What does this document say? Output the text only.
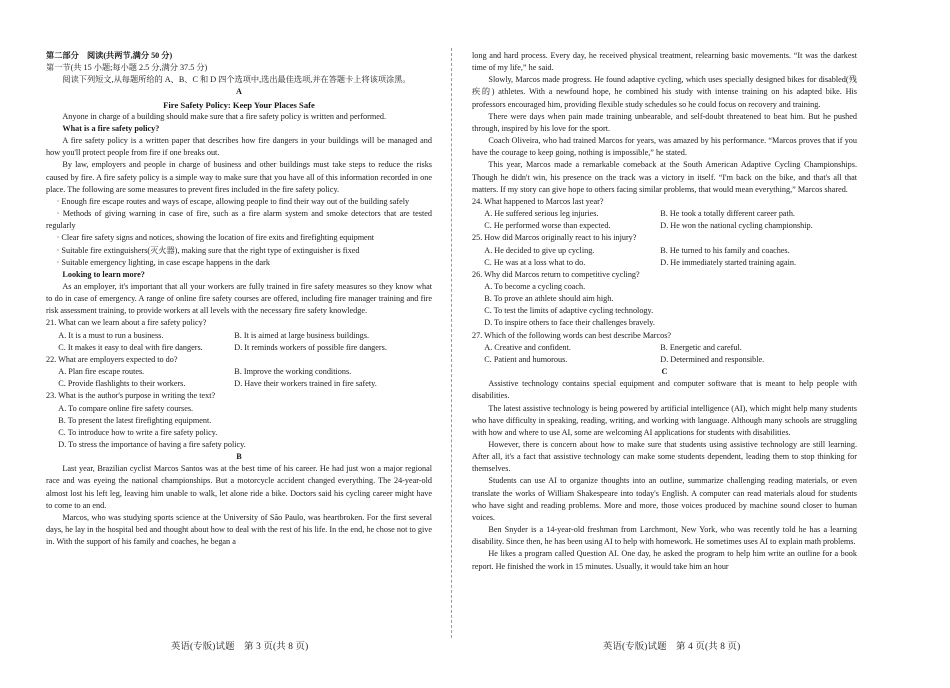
第二部分　阅读(共两节,满分 50 分)

第一节(共 15 小题;每小题 2.5 分,满分 37.5 分)

阅读下列短文,从每题所给的 A、B、C 和 D 四个选项中,选出最佳选项,并在答题卡上将该项涂黑。

A

Fire Safety Policy: Keep Your Places Safe

Anyone in charge of a building should make sure that a fire safety policy is written and performed.

What is a fire safety policy?

A fire safety policy is a written paper that describes how fire dangers in your buildings will be managed and how you'll protect people from fire if one breaks out.

By law, employers and people in charge of business and other buildings must take steps to reduce the risks caused by fire. A fire safety policy is a simple way to make sure that you have all of this information recorded in one place. The following are some measures to prevent fires included in the fire safety policy.

· Enough fire escape routes and ways of escape, allowing people to find their way out of the building safely

· Methods of giving warning in case of fire, such as a fire alarm system and smoke detectors that are tested regularly

· Clear fire safety signs and notices, showing the location of fire exits and firefighting equipment

· Suitable fire extinguishers(灭火器), making sure that the right type of extinguisher is fixed

· Suitable emergency lighting, in case escape happens in the dark

Looking to learn more?

As an employer, it's important that all your workers are fully trained in fire safety measures so they know what to do in case of emergency. A range of online fire safety courses are offered, including fire manager training and fire risk assessment training, to provide workers at all levels with the necessary fire safety knowledge.

21. What can we learn about a fire safety policy?

A. It is a must to run a business.	B. It is aimed at large business buildings.
C. It makes it easy to deal with fire dangers.	D. It reminds workers of possible fire dangers.

22. What are employers expected to do?

A. Plan fire escape routes.	B. Improve the working conditions.
C. Provide flashlights to their workers.	D. Have their workers trained in fire safety.

23. What is the author's purpose in writing the text?

A. To compare online fire safety courses.

B. To present the latest firefighting equipment.

C. To introduce how to write a fire safety policy.

D. To stress the importance of having a fire safety policy.

B

Last year, Brazilian cyclist Marcos Santos was at the best time of his career. He had just won a major regional race and was eyeing the national championships. But a motorcycle accident changed everything. The 24-year-old almost lost his left leg, leaving him unable to walk, let alone ride a bike. Doctors said his cycling career might have to come to an end.

Marcos, who was studying sports science at the University of São Paulo, was heartbroken. For the first several days, he lay in the hospital bed and thought about how to deal with the rest of his life. In the end, he chose not to give in. With the support of his family and coaches, he began a

long and hard process. Every day, he received physical treatment, relearning basic movements. “It was the darkest time of my life,” he said.

Slowly, Marcos made progress. He found adaptive cycling, which uses specially designed bikes for disabled(残疾的) athletes. With a newfound hope, he combined his study with intense training on his adapted bike. His professors encouraged him, providing flexible study schedules so he could focus on recovery and training.

There were days when pain made training unbearable, and self-doubt threatened to beat him. But he pushed through, inspired by his love for the sport.

Coach Oliveira, who had trained Marcos for years, was amazed by his performance. “Marcos proves that if you have the courage to keep going, nothing is impossible,” he stated.

This year, Marcos made a remarkable comeback at the South American Adaptive Cycling Championships. Though he didn't win, his presence on the track was a victory in itself. “I'm back on the bike, and that's all that matters. If my story can give hope to others facing similar problems, that would mean everything,” Marcos shared.

24. What happened to Marcos last year?

A. He suffered serious leg injuries.	B. He took a totally different career path.
C. He performed worse than expected.	D. He won the national cycling championship.

25. How did Marcos originally react to his injury?

A. He decided to give up cycling.	B. He turned to his family and coaches.
C. He was at a loss what to do.	D. He immediately started training again.

26. Why did Marcos return to competitive cycling?

A. To become a cycling coach.

B. To prove an athlete should aim high.

C. To test the limits of adaptive cycling technology.

D. To inspire others to face their challenges bravely.

27. Which of the following words can best describe Marcos?

A. Creative and confident.	B. Energetic and careful.
C. Patient and humorous.	D. Determined and responsible.

C

Assistive technology contains special equipment and computer software that is meant to help people with disabilities.

The latest assistive technology is being powered by artificial intelligence (AI), which might help many students who have difficulty in speaking, reading, writing, and working with language. Although many schools are struggling with how and where to use AI, some are welcoming AI applications for students with disabilities.

However, there is concern about how to make sure that students using assistive technology are still learning. After all, it's a fact that assistive technology can make some students dependent, leading them to stop thinking for themselves.

Students can use AI to organize thoughts into an outline, summarize challenging reading materials, or even translate the works of William Shakespeare into today's English. A computer can read materials aloud for students who have sight and reading problems. More and more, those voices produced by machine sound closer to human voices.

Ben Snyder is a 14-year-old freshman from Larchmont, New York, who was recently told he has a learning disability. Since then, he has been using AI to help with homework. He sometimes uses AI to explain math problems.

He likes a program called Question AI. One day, he asked the program to help him write an outline for a book report. He finished the work in 15 minutes. Usually, it would take him an hour

英语(专版)试题　第 3 页(共 8 页)	英语(专版)试题　第 4 页(共 8 页)
